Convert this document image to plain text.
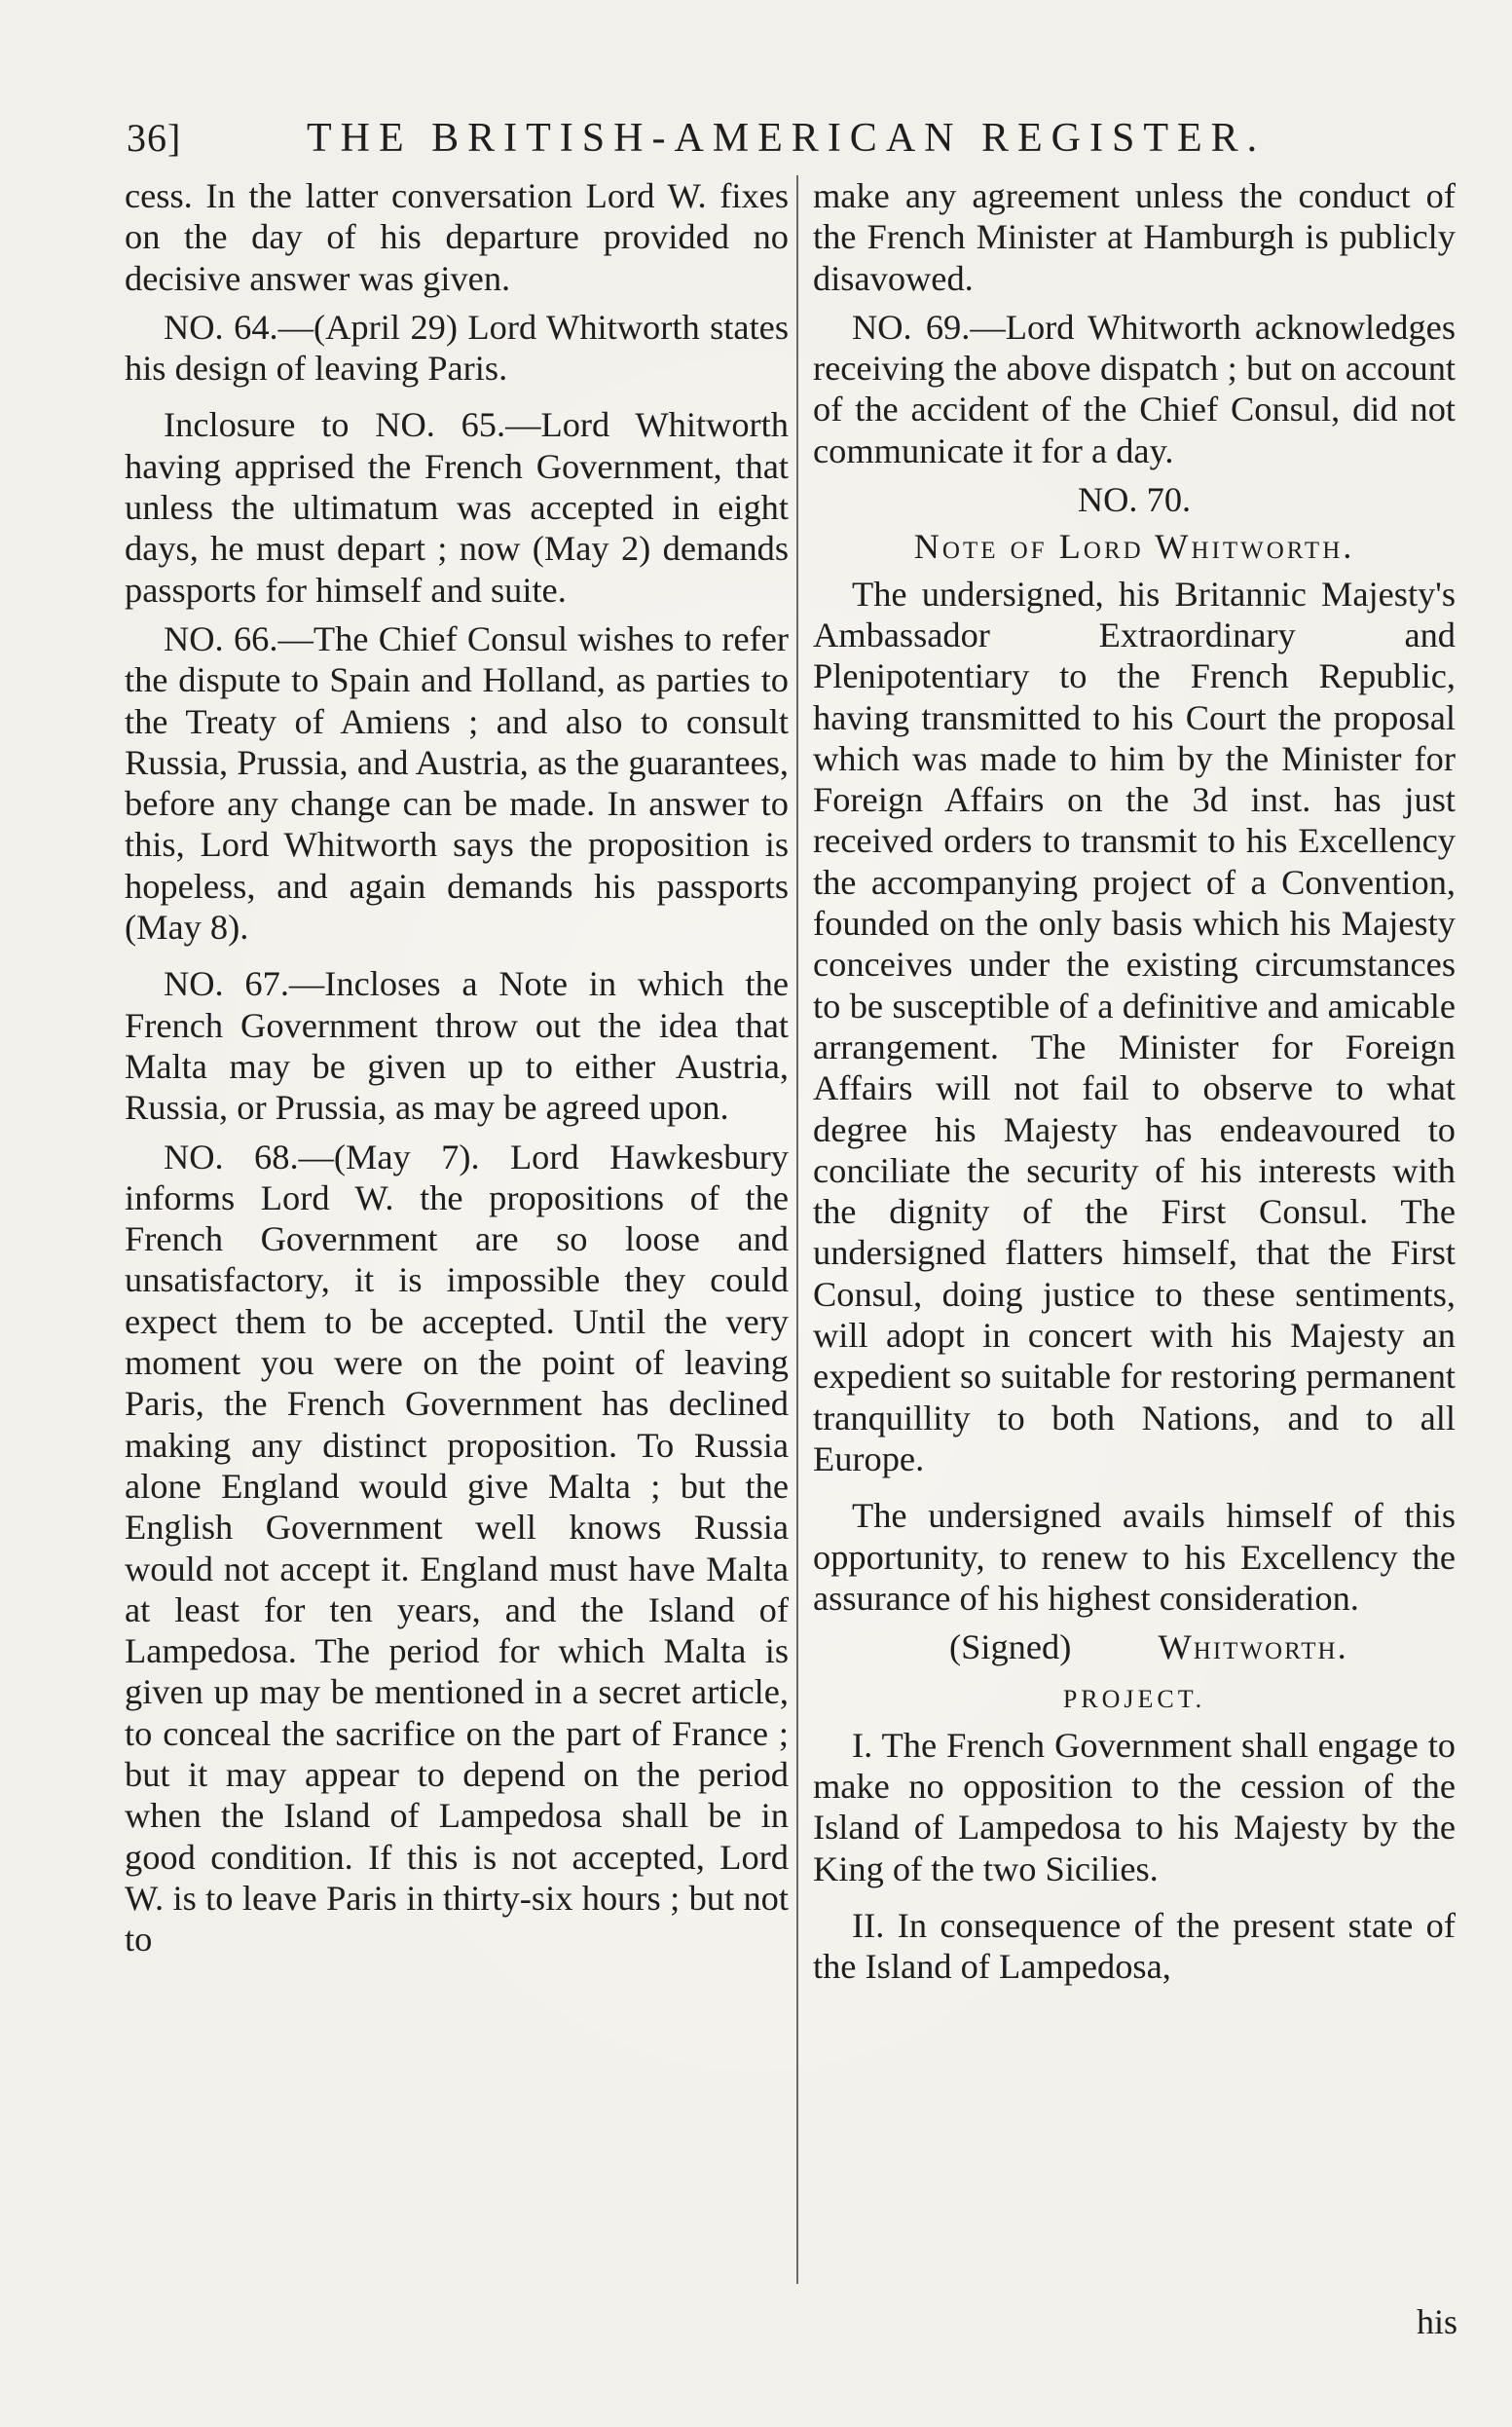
36]	THE BRITISH-AMERICAN REGISTER.

cess. In the latter conversation Lord W. fixes on the day of his departure provided no decisive answer was given.

NO. 64.—(April 29) Lord Whitworth states his design of leaving Paris.

Inclosure to NO. 65.—Lord Whitworth having apprised the French Government, that unless the ultimatum was accepted in eight days, he must depart ; now (May 2) demands passports for himself and suite.

NO. 66.—The Chief Consul wishes to refer the dispute to Spain and Holland, as parties to the Treaty of Amiens ; and also to consult Russia, Prussia, and Austria, as the guarantees, before any change can be made. In answer to this, Lord Whitworth says the proposition is hopeless, and again demands his passports (May 8).

NO. 67.—Incloses a Note in which the French Government throw out the idea that Malta may be given up to either Austria, Russia, or Prussia, as may be agreed upon.

NO. 68.—(May 7). Lord Hawkesbury informs Lord W. the propositions of the French Government are so loose and unsatisfactory, it is impossible they could expect them to be accepted. Until the very moment you were on the point of leaving Paris, the French Government has declined making any distinct proposition. To Russia alone England would give Malta ; but the English Government well knows Russia would not accept it. England must have Malta at least for ten years, and the Island of Lampedosa. The period for which Malta is given up may be mentioned in a secret article, to conceal the sacrifice on the part of France ; but it may appear to depend on the period when the Island of Lampedosa shall be in good condition. If this is not accepted, Lord W. is to leave Paris in thirty-six hours ; but not to

make any agreement unless the conduct of the French Minister at Hamburgh is publicly disavowed.

NO. 69.—Lord Whitworth acknowledges receiving the above dispatch ; but on account of the accident of the Chief Consul, did not communicate it for a day.

NO. 70.

Note of Lord Whitworth.

The undersigned, his Britannic Majesty's Ambassador Extraordinary and Plenipotentiary to the French Republic, having transmitted to his Court the proposal which was made to him by the Minister for Foreign Affairs on the 3d inst. has just received orders to transmit to his Excellency the accompanying project of a Convention, founded on the only basis which his Majesty conceives under the existing circumstances to be susceptible of a definitive and amicable arrangement. The Minister for Foreign Affairs will not fail to observe to what degree his Majesty has endeavoured to conciliate the security of his interests with the dignity of the First Consul. The undersigned flatters himself, that the First Consul, doing justice to these sentiments, will adopt in concert with his Majesty an expedient so suitable for restoring permanent tranquillity to both Nations, and to all Europe.

The undersigned avails himself of this opportunity, to renew to his Excellency the assurance of his highest consideration.

(Signed) Whitworth.

PROJECT.

I. The French Government shall engage to make no opposition to the cession of the Island of Lampedosa to his Majesty by the King of the two Sicilies.

II. In consequence of the present state of the Island of Lampedosa,

his
